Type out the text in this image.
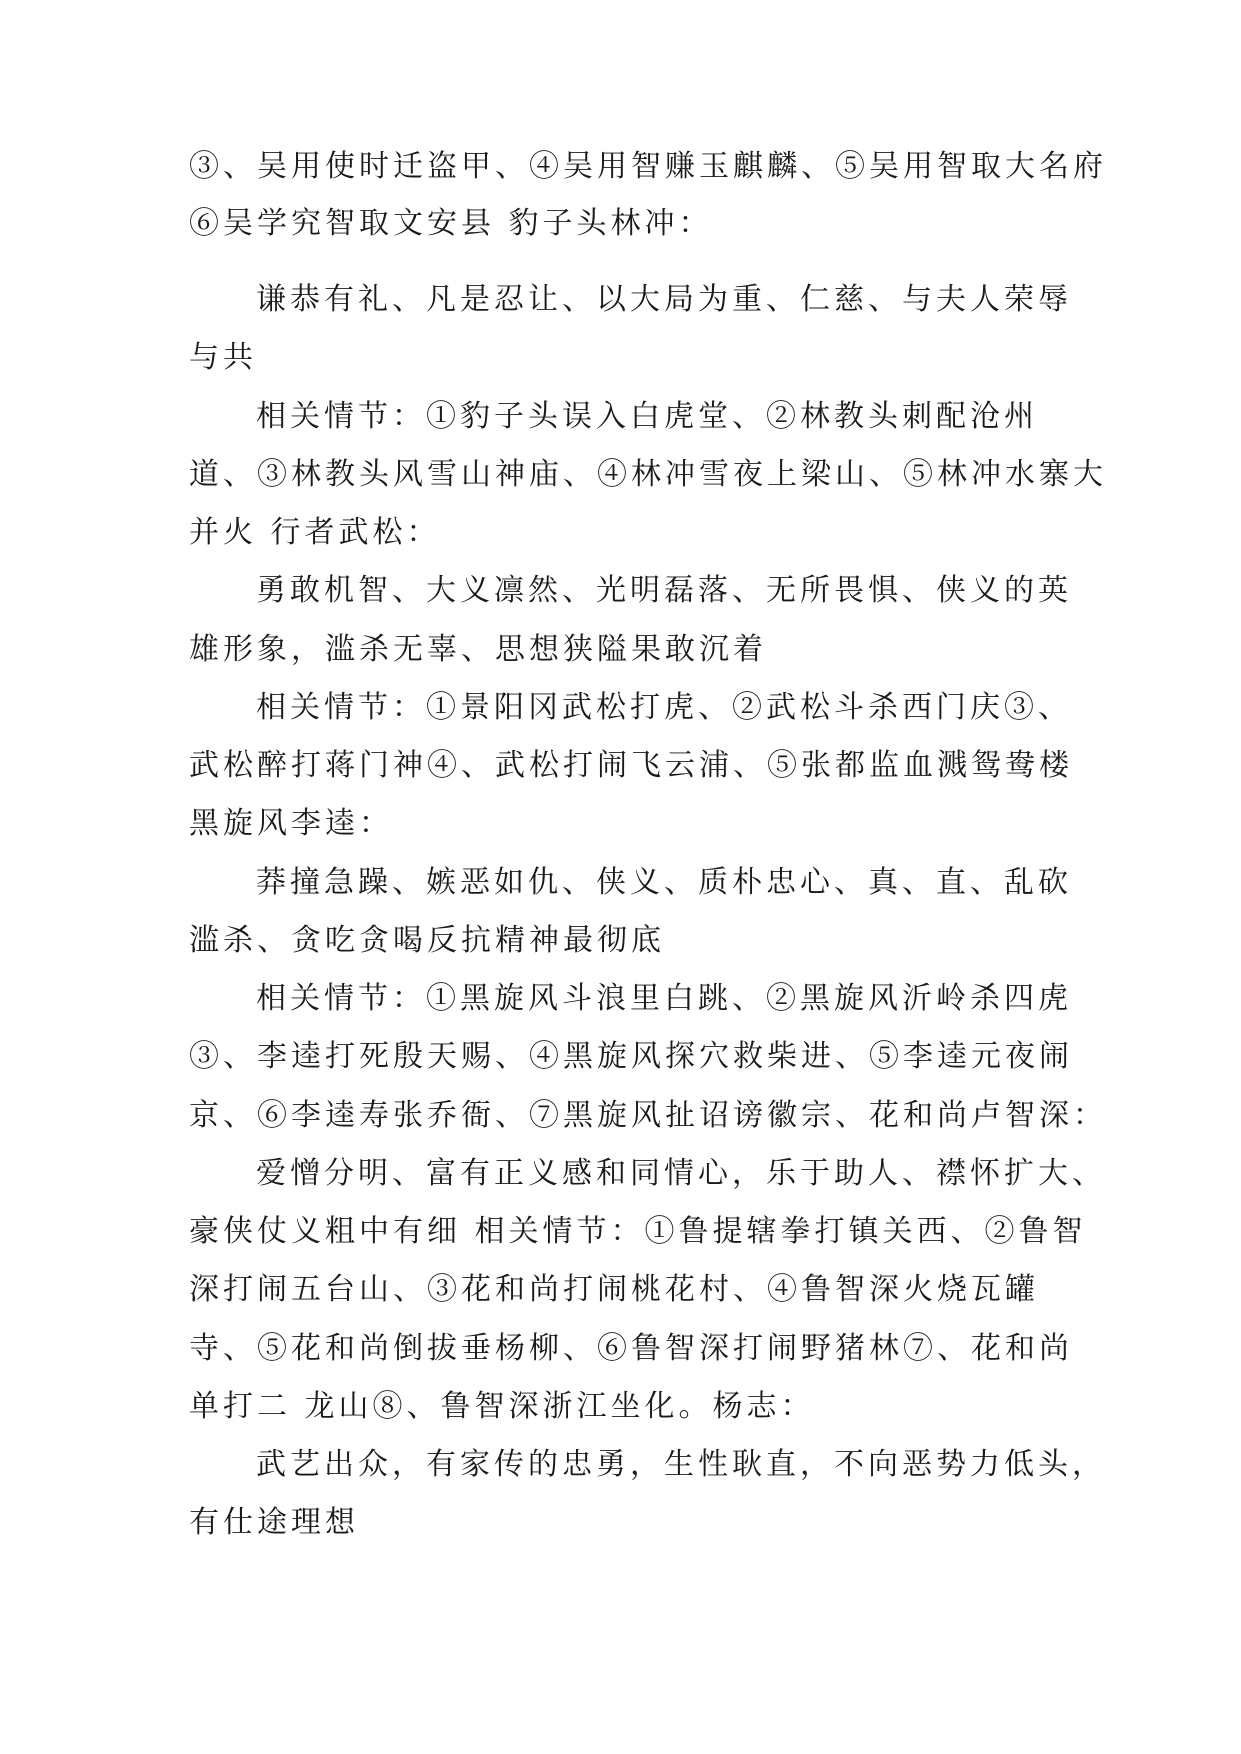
③、吴用使时迁盗甲、④吴用智赚玉麒麟、⑤吴用智取大名府
⑥吴学究智取文安县 豹子头林冲：
谦恭有礼、凡是忍让、以大局为重、仁慈、与夫人荣辱
与共
相关情节：①豹子头误入白虎堂、②林教头刺配沧州
道、③林教头风雪山神庙、④林冲雪夜上梁山、⑤林冲水寨大
并火 行者武松：
勇敢机智、大义凛然、光明磊落、无所畏惧、侠义的英
雄形象，滥杀无辜、思想狭隘果敢沉着
相关情节：①景阳冈武松打虎、②武松斗杀西门庆③、
武松醉打蒋门神④、武松打闹飞云浦、⑤张都监血溅鸳鸯楼
黑旋风李逵：
莽撞急躁、嫉恶如仇、侠义、质朴忠心、真、直、乱砍
滥杀、贪吃贪喝反抗精神最彻底
相关情节：①黑旋风斗浪里白跳、②黑旋风沂岭杀四虎
③、李逵打死殷天赐、④黑旋风探穴救柴进、⑤李逵元夜闹
京、⑥李逵寿张乔衙、⑦黑旋风扯诏谤徽宗、花和尚卢智深：
爱憎分明、富有正义感和同情心，乐于助人、襟怀扩大、
豪侠仗义粗中有细 相关情节：①鲁提辖拳打镇关西、②鲁智
深打闹五台山、③花和尚打闹桃花村、④鲁智深火烧瓦罐
寺、⑤花和尚倒拔垂杨柳、⑥鲁智深打闹野猪林⑦、花和尚
单打二 龙山⑧、鲁智深浙江坐化。杨志：
武艺出众，有家传的忠勇，生性耿直，不向恶势力低头，
有仕途理想
